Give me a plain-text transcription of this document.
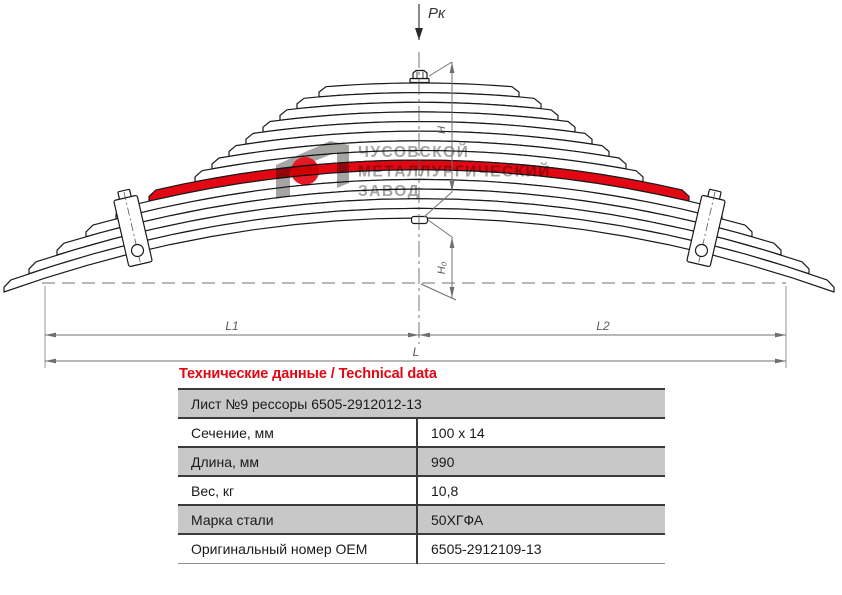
ЧУСОВСКОЙ
МЕТАЛЛУРГИЧЕСКИЙ
ЗАВОД
Pк
H
H₀
L1	L2
L
Технические данные / Technical data
Лист №9 рессоры 6505-2912012-13	
Сечение, мм	100 x 14
Длина, мм	990
Вес, кг	10,8
Марка стали	50ХГФА
Оригинальный номер OEM	6505-2912109-13
